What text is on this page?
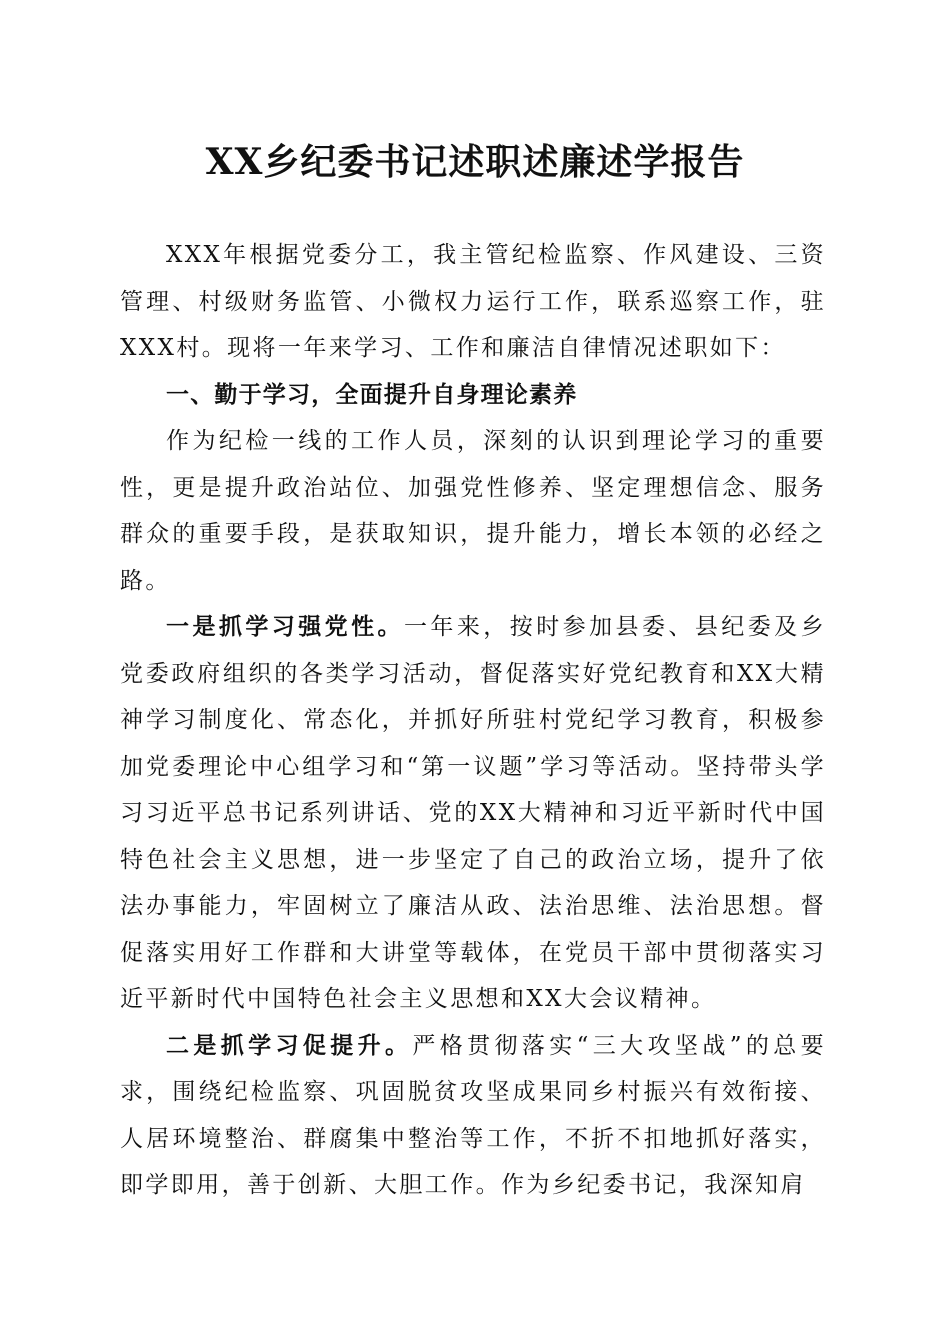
XX乡纪委书记述职述廉述学报告

XXX年根据党委分工，我主管纪检监察、作风建设、三资管理、村级财务监管、小微权力运行工作，联系巡察工作，驻XXX村。现将一年来学习、工作和廉洁自律情况述职如下：

一、勤于学习，全面提升自身理论素养

作为纪检一线的工作人员，深刻的认识到理论学习的重要性，更是提升政治站位、加强党性修养、坚定理想信念、服务群众的重要手段，是获取知识，提升能力，增长本领的必经之路。

一是抓学习强党性。一年来，按时参加县委、县纪委及乡党委政府组织的各类学习活动，督促落实好党纪教育和XX大精神学习制度化、常态化，并抓好所驻村党纪学习教育，积极参加党委理论中心组学习和“第一议题”学习等活动。坚持带头学习习近平总书记系列讲话、党的XX大精神和习近平新时代中国特色社会主义思想，进一步坚定了自己的政治立场，提升了依法办事能力，牢固树立了廉洁从政、法治思维、法治思想。督促落实用好工作群和大讲堂等载体，在党员干部中贯彻落实习近平新时代中国特色社会主义思想和XX大会议精神。

二是抓学习促提升。严格贯彻落实“三大攻坚战”的总要求，围绕纪检监察、巩固脱贫攻坚成果同乡村振兴有效衔接、人居环境整治、群腐集中整治等工作，不折不扣地抓好落实，即学即用，善于创新、大胆工作。作为乡纪委书记，我深知肩
